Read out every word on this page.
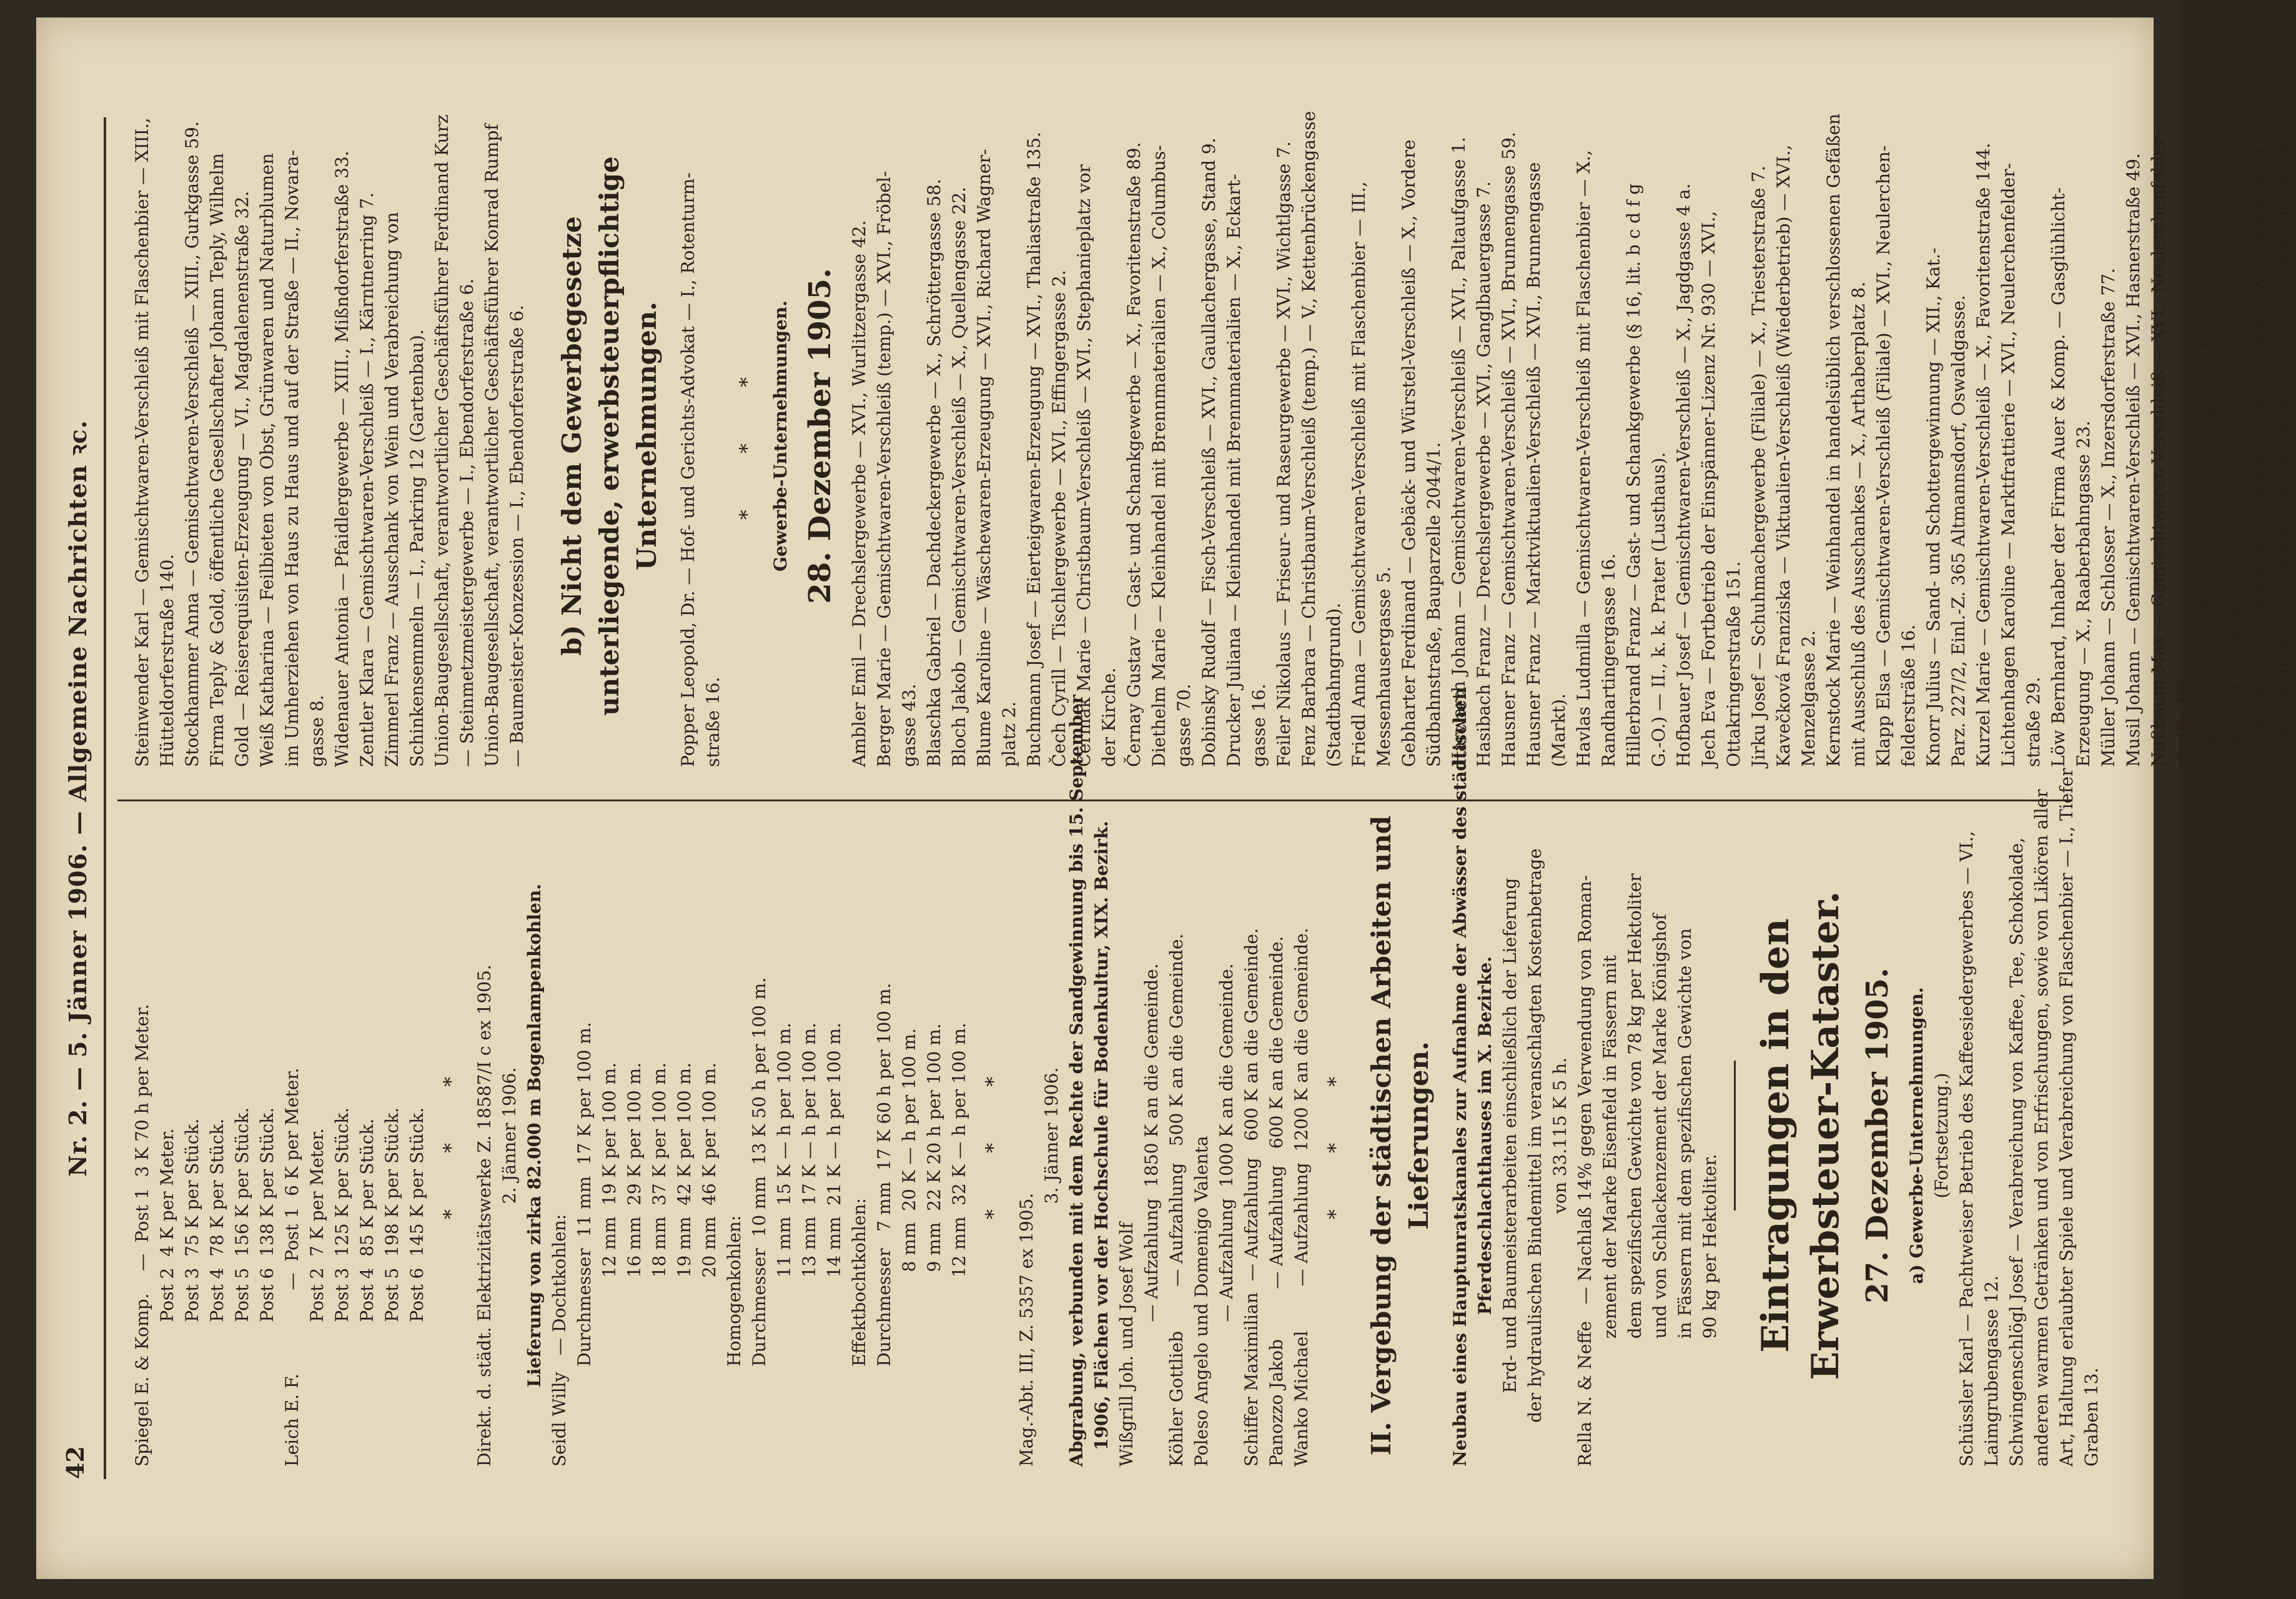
42
Nr. 2. — 5. Jänner 1906. — Allgemeine Nachrichten ꝛc.
Spiegel E. & Komp.    —  Post 1  3 K 70 h per Meter. Post 2  4 K per Meter. Post 3  75 K per Stück. Post 4  78 K per Stück. Post 5  156 K per Stück. Post 6  138 K per Stück. Leich E. F.               —  Post 1  6 K per Meter. Post 2  7 K per Meter. Post 3  125 K per Stück. Post 4  85 K per Stück. Post 5  198 K per Stück. Post 6  145 K per Stück. * * * Direkt. d. städt. Elektrizitätswerke Z. 18587/I c ex 1905. 2. Jänner 1906. Lieferung von zirka 82.000 m Bogenlampenkohlen. Seidl Willy   — Dochtkohlen: Durchmesser  11 mm  17 K per 100 m. 12 mm  19 K per 100 m. 16 mm  29 K per 100 m. 18 mm  37 K per 100 m. 19 mm  42 K per 100 m. 20 mm  46 K per 100 m. Homogenkohlen: Durchmesser  10 mm  13 K 50 h per 100 m. 11 mm  15 K — h per 100 m. 13 mm  17 K — h per 100 m. 14 mm  21 K — h per 100 m. Effektbochtkohlen: Durchmesser   7 mm  17 K 60 h per 100 m. 8 mm  20 K — h per 100 m. 9 mm  22 K 20 h per 100 m. 12 mm  32 K — h per 100 m. * * *
Mag.-Abt. III, Z. 5357 ex 1905.
3. Jänner 1906. Abgrabung, verbunden mit dem Rechte der Sandgewinnung bis 15. September 1906, Flächen vor der Hochschule für Bodenkultur, XIX. Bezirk. Wißgrill Joh. und Josef Wolf — Aufzahlung  1850 K an die Gemeinde. Köhler Gottlieb        — Aufzahlung   500 K an die Gemeinde. Poleso Angelo und Domenigo Valenta — Aufzahlung  1000 K an die Gemeinde. Schiffer Maximilian  — Aufzahlung   600 K an die Gemeinde. Panozzo Jakob         — Aufzahlung   600 K an die Gemeinde. Wanko Michael        — Aufzahlung  1200 K an die Gemeinde. * * * II. Vergebung der städtischen Arbeiten und Lieferungen. Neubau eines Hauptunratskanales zur Aufnahme der Abwässer des städtischen Pferdeschlachthauses im X. Bezirke. Erd- und Baumeisterarbeiten einschließlich der Lieferung der hydraulischen Bindemittel im veranschlagten Kostenbetrage von 33.115 K 5 h. Rella N. & Neffe   — Nachlaß 14% gegen Verwendung von Roman- zement der Marke Eisenfeld in Fässern mit dem spezifischen Gewichte von 78 kg per Hektoliter und von Schlackenzement der Marke Königshof in Fässern mit dem spezifischen Gewichte von 90 kg per Hektoliter. Eintragungen in den Erwerbsteuer-Kataster. 27. Dezember 1905. a) Gewerbe-Unternehmungen. (Fortsetzung.) Schüssler Karl — Pachtweiser Betrieb des Kaffeesiedergewerbes — VI., Laimgrubengasse 12. Schwingenschlögl Josef — Verabreichung von Kaffee, Tee, Schokolade, anderen warmen Getränken und von Erfrischungen, sowie von Likören aller Art, Haltung erlaubter Spiele und Verabreichung von Flaschenbier — I., Tiefer Graben 13.
Steinwender Karl — Gemischtwaren-Verschleiß mit Flaschenbier — XIII., Hütteldorferstraße 140. Stockhammer Anna — Gemischtwaren-Verschleiß — XIII., Gurkgasse 59. Firma Teply & Gold, öffentliche Gesellschafter Johann Teply, Wilhelm Gold — Reiserequisiten-Erzeugung — VI., Magdalenenstraße 32. Weiß Katharina — Feilbieten von Obst, Grünwaren und Naturblumen im Umherziehen von Haus zu Haus und auf der Straße — II., Novara- gasse 8. Widenauer Antonia — Pfaidlergewerbe — XIII., Mißndorferstraße 33. Zentler Klara — Gemischtwaren-Verschleiß — I., Kärntnerring 7. Zimmerl Franz — Ausschank von Wein und Verabreichung von Schinkensemmeln — I., Parkring 12 (Gartenbau). Union-Baugesellschaft, verantwortlicher Geschäftsführer Ferdinand Kurz — Steinmetzmeistergewerbe — I., Ebendorferstraße 6. Union-Baugesellschaft, verantwortlicher Geschäftsführer Konrad Rumpf — Baumeister-Konzession — I., Ebendorferstraße 6. b) Nicht dem Gewerbegesetze unterliegende, erwerbsteuerpflichtige Unternehmungen. Popper Leopold, Dr. — Hof- und Gerichts-Advokat — I., Rotenturm- straße 16.
* * * Gewerbe-Unternehmungen. 28. Dezember 1905. Ambler Emil — Drechslergewerbe — XVI., Wurlitzergasse 42. Berger Marie — Gemischtwaren-Verschleiß (temp.) — XVI., Fröbel- gasse 43. Blaschka Gabriel — Dachdeckergewerbe — X., Schröttergasse 58. Bloch Jakob — Gemischtwaren-Verschleiß — X., Quellengasse 22. Blume Karoline — Wäschewaren-Erzeugung — XVI., Richard Wagner- platz 2. Buchmann Josef — Eierteigwaren-Erzeugung — XVI., Thaliastraße 135. Čech Cyrill — Tischlergewerbe — XVI., Effingergasse 2. Čermak Marie — Christbaum-Verschleiß — XVI., Stephanieplatz vor der Kirche. Černay Gustav — Gast- und Schankgewerbe — X., Favoritenstraße 89. Diethelm Marie — Kleinhandel mit Brennmaterialien — X., Columbus- gasse 70. Dobinsky Rudolf — Fisch-Verschleiß — XVI., Gaullachergasse, Stand 9. Drucker Juliana — Kleinhandel mit Brennmaterialien — X., Eckart- gasse 16. Feiler Nikolaus — Friseur- und Raseurgewerbe — XVI., Wichtlgasse 7. Fenz Barbara — Christbaum-Verschleiß (temp.) — V., Kettenbrückengasse (Stadtbahngrund). Friedl Anna — Gemischtwaren-Verschleiß mit Flaschenbier — III., Messenhausergasse 5. Gebharter Ferdinand — Gebäck- und Würstel-Verschleiß — X., Vordere Südbahnstraße, Bauparzelle 2044/1. Harwarth Johann — Gemischtwaren-Verschleiß — XVI., Paltaufgasse 1. Hasibach Franz — Drechslergewerbe — XVI., Ganglbauergasse 7. Hausner Franz — Gemischtwaren-Verschleiß — XVI., Brunnengasse 59. Hausner Franz — Marktviktualien-Verschleiß — XVI., Brunnengasse (Markt). Havlas Ludmilla — Gemischtwaren-Verschleiß mit Flaschenbier — X., Randhartingergasse 16. Hillerbrand Franz — Gast- und Schankgewerbe (§ 16, lit. b c d f g G.-O.) — II., k. k. Prater (Lusthaus). Hofbauer Josef — Gemischtwaren-Verschleiß — X., Jagdgasse 4 a. Jech Eva — Fortbetrieb der Einspänner-Lizenz Nr. 930 — XVI., Ottakringerstraße 151. Jirku Josef — Schuhmachergewerbe (Filiale) — X., Triesterstraße 7. Kavečková Franziska — Viktualien-Verschleiß (Wiederbetrieb) — XVI., Menzelgasse 2. Kernstock Marie — Weinhandel in handelsüblich verschlossenen Gefäßen mit Ausschluß des Ausschankes — X., Arthaberplatz 8. Klapp Elsa — Gemischtwaren-Verschleiß (Filiale) — XVI., Neulerchen- feldersträße 16. Knorr Julius — Sand- und Schottergewinnung — XII., Kat.- Parz. 227/2, Einl.-Z. 365 Altmannsdorf, Oswaldgasse. Kurzel Marie — Gemischtwaren-Verschleiß — X., Favoritenstraße 144. Lichtenhagen Karoline — Marktfrattierie — XVI., Neulerchenfelder- straße 29. Löw Bernhard, Inhaber der Firma Auer & Komp. — Gasglühlicht- Erzeugung — X., Raaberbahngasse 23. Müller Johann — Schlosser — X., Inzersdorferstraße 77. Musil Johann — Gemischtwaren-Verschleiß — XVI., Hasnerstraße 49. Nußbaum Max — Gemischtwaren-Verschleiß — XVI., Neulerchenfelder- straße 16. Peterka Viktor — Pachtbetrieb der Einspänner-Lizenz Nr. 1450] — XVI., Friedrich Kaisergasse 5. Pichler Ernst — Fiakergewerbe mit Lizenz Nr. 564 — X., Göggasse 14. Prokesch Antonia — Gemischtwaren-Verschleiß — X., Senefeldergasse 65.
